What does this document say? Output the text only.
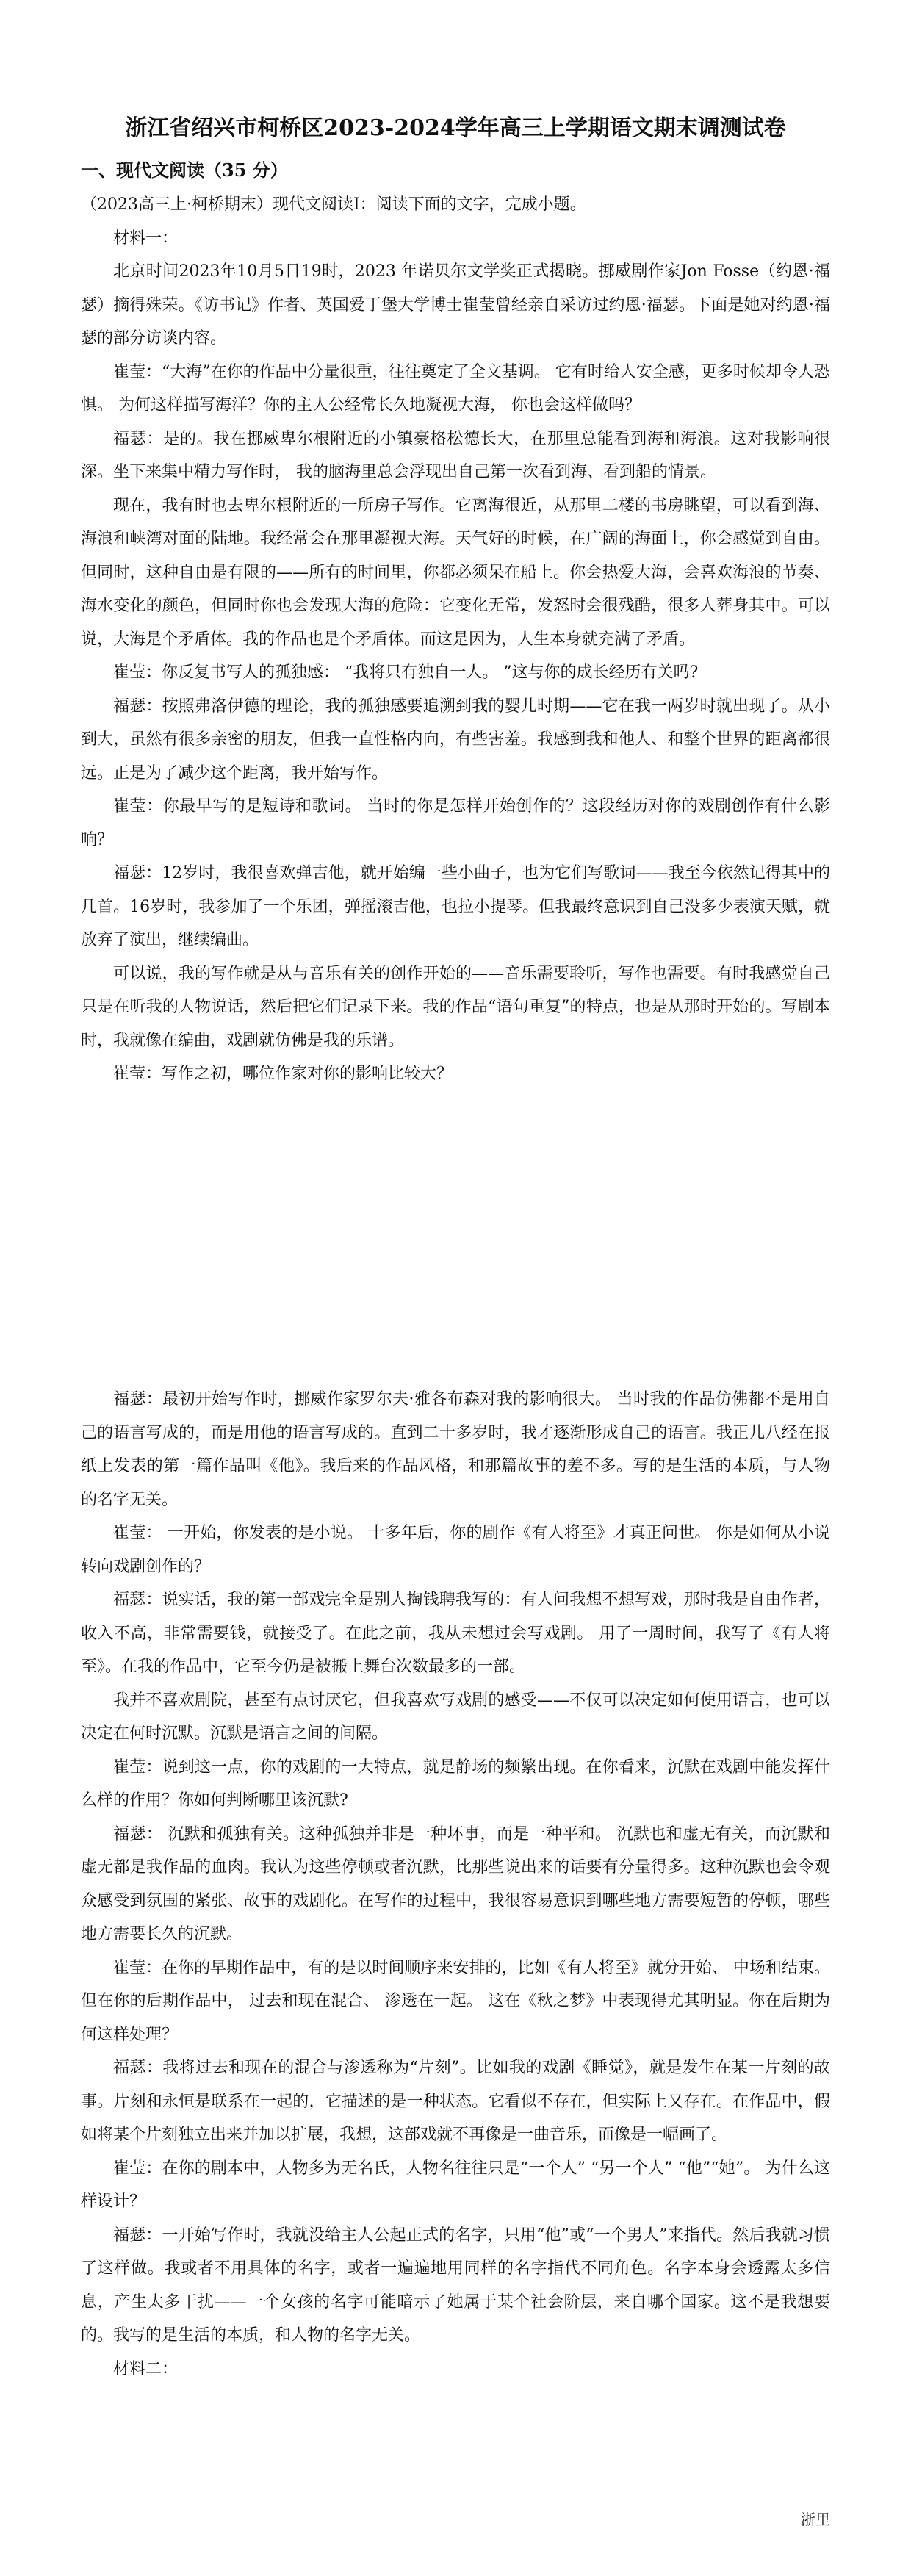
浙江省绍兴市柯桥区2023-2024学年高三上学期语文期末调测试卷
一、现代文阅读（35 分）

（2023高三上·柯桥期末）现代文阅读Ⅰ：阅读下面的文字，完成小题。

材料一：

北京时间2023年10月5日19时，2023 年诺贝尔文学奖正式揭晓。挪威剧作家Jon Fosse（约恩·福瑟）摘得殊荣。《访书记》作者、英国爱丁堡大学博士崔莹曾经亲自采访过约恩·福瑟。下面是她对约恩·福瑟的部分访谈内容。

崔莹：“大海”在你的作品中分量很重，往往奠定了全文基调。 它有时给人安全感，更多时候却令人恐惧。 为何这样描写海洋？你的主人公经常长久地凝视大海， 你也会这样做吗？

福瑟：是的。我在挪威卑尔根附近的小镇豪格松德长大，在那里总能看到海和海浪。这对我影响很深。坐下来集中精力写作时， 我的脑海里总会浮现出自己第一次看到海、看到船的情景。

现在，我有时也去卑尔根附近的一所房子写作。它离海很近，从那里二楼的书房眺望，可以看到海、海浪和峡湾对面的陆地。我经常会在那里凝视大海。天气好的时候，在广阔的海面上，你会感觉到自由。但同时，这种自由是有限的——所有的时间里，你都必须呆在船上。你会热爱大海，会喜欢海浪的节奏、 海水变化的颜色，但同时你也会发现大海的危险：它变化无常，发怒时会很残酷，很多人葬身其中。可以说，大海是个矛盾体。我的作品也是个矛盾体。而这是因为，人生本身就充满了矛盾。

崔莹：你反复书写人的孤独感： “我将只有独自一人。 ”这与你的成长经历有关吗?

福瑟：按照弗洛伊德的理论，我的孤独感要追溯到我的婴儿时期——它在我一两岁时就出现了。从小到大，虽然有很多亲密的朋友，但我一直性格内向，有些害羞。我感到我和他人、和整个世界的距离都很远。正是为了减少这个距离，我开始写作。

崔莹：你最早写的是短诗和歌词。 当时的你是怎样开始创作的？这段经历对你的戏剧创作有什么影响？

福瑟：12岁时，我很喜欢弹吉他，就开始编一些小曲子，也为它们写歌词——我至今依然记得其中的几首。16岁时，我参加了一个乐团，弹摇滚吉他，也拉小提琴。但我最终意识到自己没多少表演天赋，就放弃了演出，继续编曲。

可以说，我的写作就是从与音乐有关的创作开始的——音乐需要聆听，写作也需要。有时我感觉自己只是在听我的人物说话，然后把它们记录下来。我的作品“语句重复”的特点，也是从那时开始的。写剧本时，我就像在编曲，戏剧就仿佛是我的乐谱。

崔莹：写作之初，哪位作家对你的影响比较大？

福瑟：最初开始写作时，挪威作家罗尔夫·雅各布森对我的影响很大。 当时我的作品仿佛都不是用自己的语言写成的，而是用他的语言写成的。直到二十多岁时，我才逐渐形成自己的语言。我正儿八经在报纸上发表的第一篇作品叫《他》。我后来的作品风格，和那篇故事的差不多。写的是生活的本质，与人物的名字无关。

崔莹： 一开始，你发表的是小说。 十多年后，你的剧作《有人将至》才真正问世。 你是如何从小说转向戏剧创作的？

福瑟：说实话，我的第一部戏完全是别人掏钱聘我写的：有人问我想不想写戏，那时我是自由作者，收入不高，非常需要钱，就接受了。在此之前，我从未想过会写戏剧。 用了一周时间，我写了《有人将至》。在我的作品中，它至今仍是被搬上舞台次数最多的一部。

我并不喜欢剧院，甚至有点讨厌它，但我喜欢写戏剧的感受——不仅可以决定如何使用语言，也可以决定在何时沉默。沉默是语言之间的间隔。

崔莹：说到这一点，你的戏剧的一大特点，就是静场的频繁出现。在你看来，沉默在戏剧中能发挥什么样的作用？你如何判断哪里该沉默?

福瑟： 沉默和孤独有关。这种孤独并非是一种坏事，而是一种平和。 沉默也和虚无有关，而沉默和虚无都是我作品的血肉。我认为这些停顿或者沉默，比那些说出来的话要有分量得多。这种沉默也会令观众感受到氛围的紧张、故事的戏剧化。在写作的过程中，我很容易意识到哪些地方需要短暂的停顿，哪些地方需要长久的沉默。

崔莹：在你的早期作品中，有的是以时间顺序来安排的，比如《有人将至》就分开始、 中场和结束。但在你的后期作品中， 过去和现在混合、 渗透在一起。 这在《秋之梦》中表现得尤其明显。你在后期为何这样处理？

福瑟：我将过去和现在的混合与渗透称为“片刻”。比如我的戏剧《睡觉》，就是发生在某一片刻的故事。片刻和永恒是联系在一起的，它描述的是一种状态。它看似不存在，但实际上又存在。在作品中，假如将某个片刻独立出来并加以扩展，我想，这部戏就不再像是一曲音乐，而像是一幅画了。

崔莹：在你的剧本中，人物多为无名氏，人物名往往只是“一个人” “另一个人” “他”“她”。 为什么这样设计？

福瑟：一开始写作时，我就没给主人公起正式的名字，只用“他”或“一个男人”来指代。然后我就习惯了这样做。我或者不用具体的名字，或者一遍遍地用同样的名字指代不同角色。名字本身会透露太多信息，产生太多干扰——一个女孩的名字可能暗示了她属于某个社会阶层，来自哪个国家。这不是我想要的。我写的是生活的本质，和人物的名字无关。

材料二：

浙里
